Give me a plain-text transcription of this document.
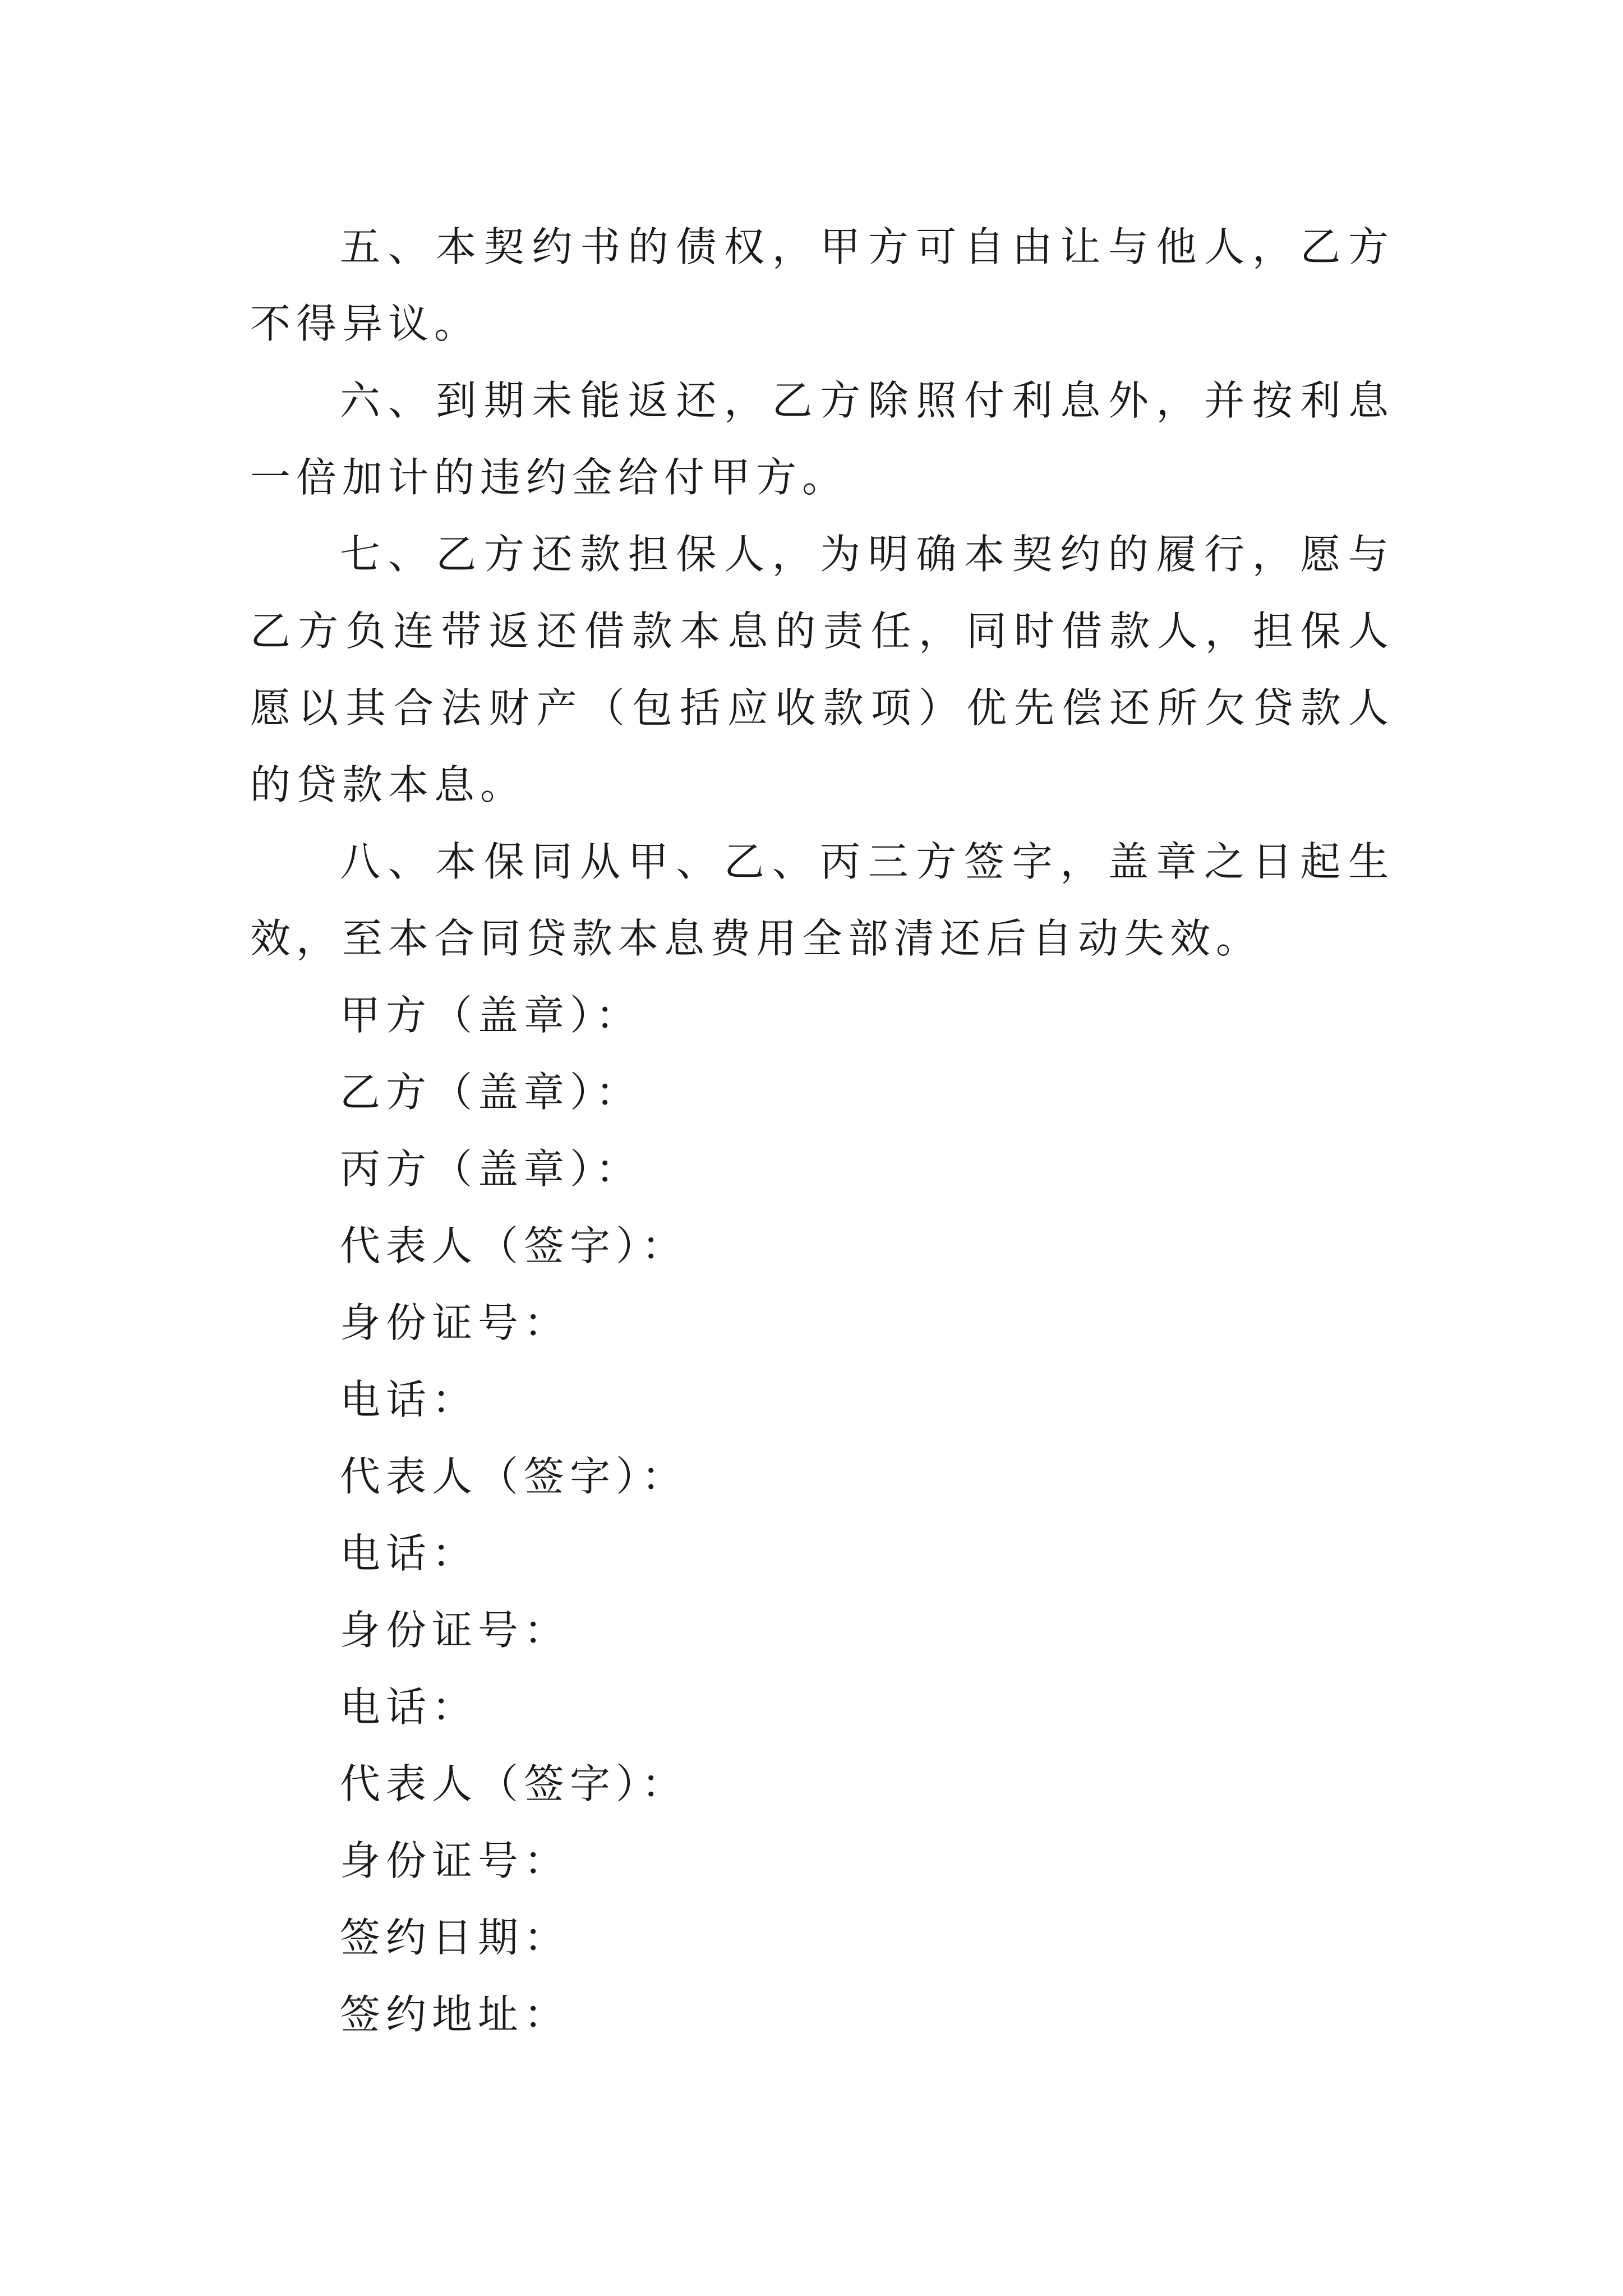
五、本契约书的债权，甲方可自由让与他人，乙方不得异议。

六、到期未能返还，乙方除照付利息外，并按利息一倍加计的违约金给付甲方。

七、乙方还款担保人，为明确本契约的履行，愿与乙方负连带返还借款本息的责任，同时借款人，担保人愿以其合法财产（包括应收款项）优先偿还所欠贷款人的贷款本息。

八、本保同从甲、乙、丙三方签字，盖章之日起生效，至本合同贷款本息费用全部清还后自动失效。

甲方（盖章）：
乙方（盖章）：
丙方（盖章）：
代表人（签字）：
身份证号：
电话：
代表人（签字）：
电话：
身份证号：
电话：
代表人（签字）：
身份证号：
签约日期：
签约地址：
